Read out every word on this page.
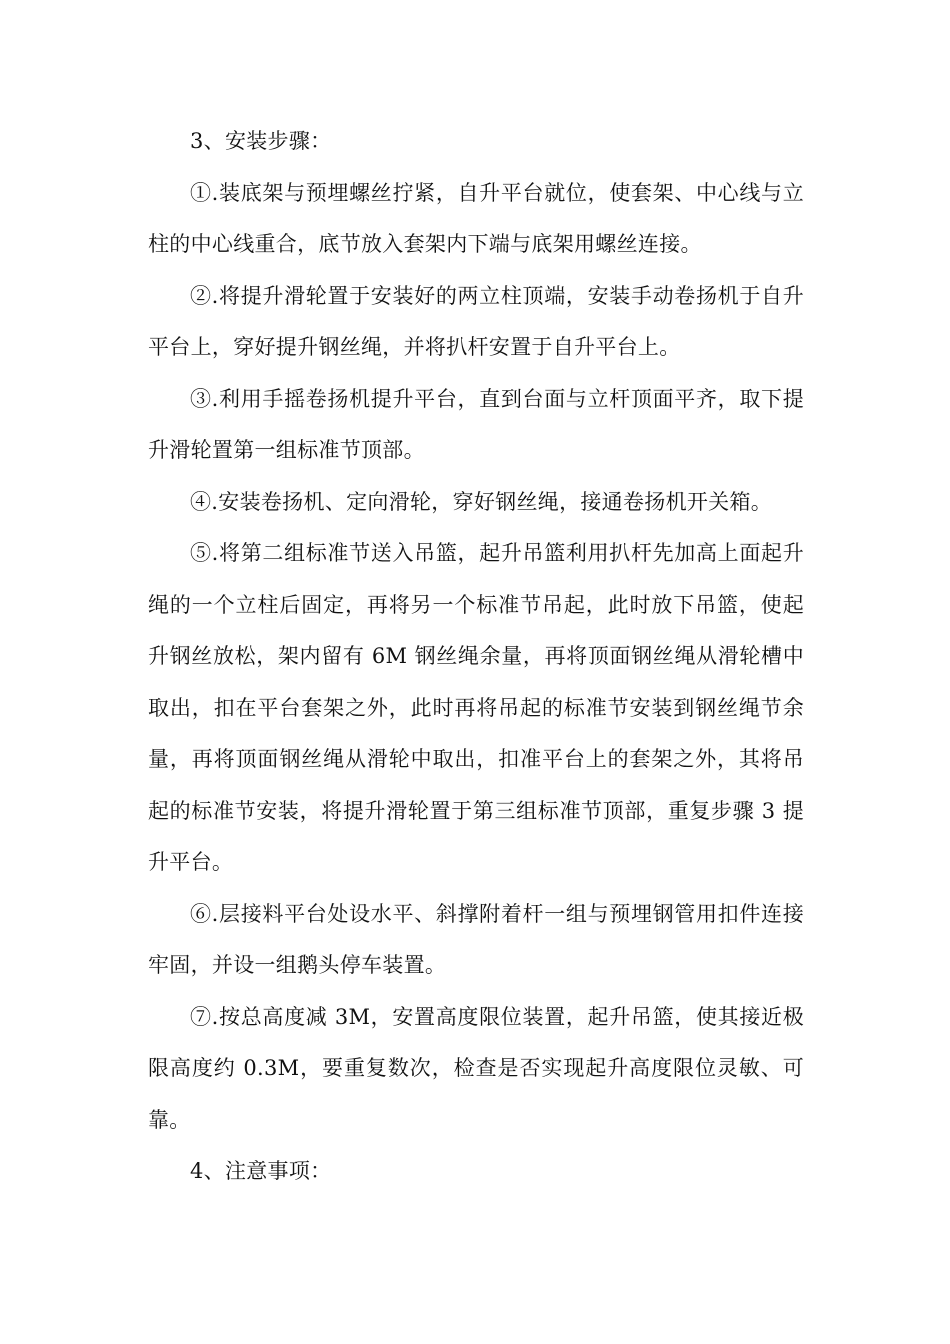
3、安装步骤：

①.装底架与预埋螺丝拧紧，自升平台就位，使套架、中心线与立柱的中心线重合，底节放入套架内下端与底架用螺丝连接。

②.将提升滑轮置于安装好的两立柱顶端，安装手动卷扬机于自升平台上，穿好提升钢丝绳，并将扒杆安置于自升平台上。

③.利用手摇卷扬机提升平台，直到台面与立杆顶面平齐，取下提升滑轮置第一组标准节顶部。

④.安装卷扬机、定向滑轮，穿好钢丝绳，接通卷扬机开关箱。

⑤.将第二组标准节送入吊篮，起升吊篮利用扒杆先加高上面起升绳的一个立柱后固定，再将另一个标准节吊起，此时放下吊篮，使起升钢丝放松，架内留有 6M 钢丝绳余量，再将顶面钢丝绳从滑轮槽中取出，扣在平台套架之外，此时再将吊起的标准节安装到钢丝绳节余量，再将顶面钢丝绳从滑轮中取出，扣准平台上的套架之外，其将吊起的标准节安装，将提升滑轮置于第三组标准节顶部，重复步骤 3 提升平台。

⑥.层接料平台处设水平、斜撑附着杆一组与预埋钢管用扣件连接牢固，并设一组鹅头停车装置。

⑦.按总高度减 3M，安置高度限位装置，起升吊篮，使其接近极限高度约 0.3M，要重复数次，检查是否实现起升高度限位灵敏、可靠。

4、注意事项：
